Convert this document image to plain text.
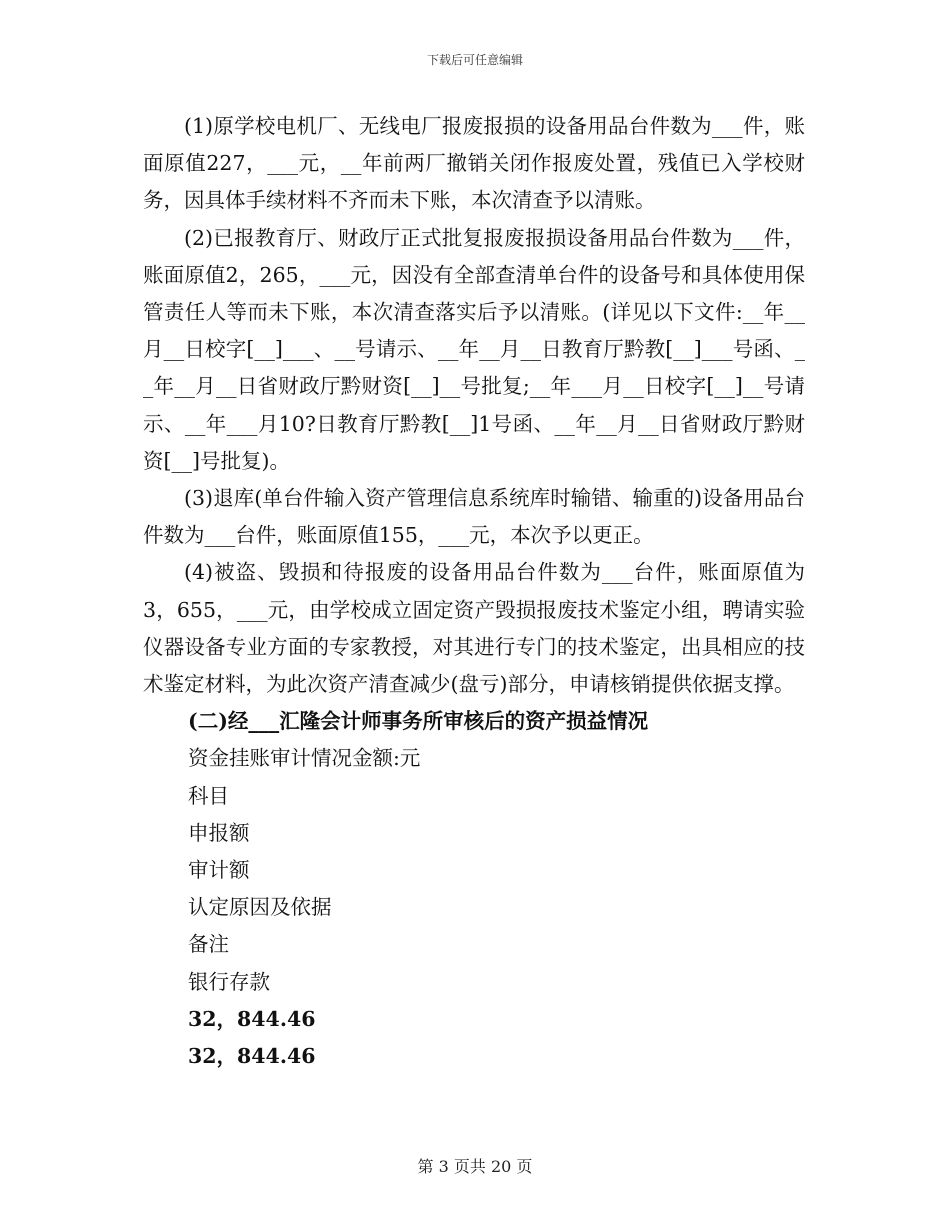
下载后可任意编辑

(1)原学校电机厂、无线电厂报废报损的设备用品台件数为___件，账面原值227，___元，__年前两厂撤销关闭作报废处置，残值已入学校财务，因具体手续材料不齐而未下账，本次清查予以清账。

(2)已报教育厅、财政厅正式批复报废报损设备用品台件数为___件，账面原值2，265，___元，因没有全部查清单台件的设备号和具体使用保管责任人等而未下账，本次清查落实后予以清账。(详见以下文件:__年__月__日校字[__]___、__号请示、__年__月__日教育厅黔教[__]___号函、__年__月__日省财政厅黔财资[__]__号批复;__年___月__日校字[__]__号请示、__年___月10?日教育厅黔教[__]1号函、__年__月__日省财政厅黔财资[__]号批复)。

(3)退库(单台件输入资产管理信息系统库时输错、输重的)设备用品台件数为___台件，账面原值155，___元，本次予以更正。

(4)被盗、毁损和待报废的设备用品台件数为___台件，账面原值为3，655，___元，由学校成立固定资产毁损报废技术鉴定小组，聘请实验仪器设备专业方面的专家教授，对其进行专门的技术鉴定，出具相应的技术鉴定材料，为此次资产清查减少(盘亏)部分，申请核销提供依据支撑。

(二)经___汇隆会计师事务所审核后的资产损益情况

资金挂账审计情况金额:元

科目

申报额

审计额

认定原因及依据

备注

银行存款

32，844.46

32，844.46

第 3 页共 20 页
